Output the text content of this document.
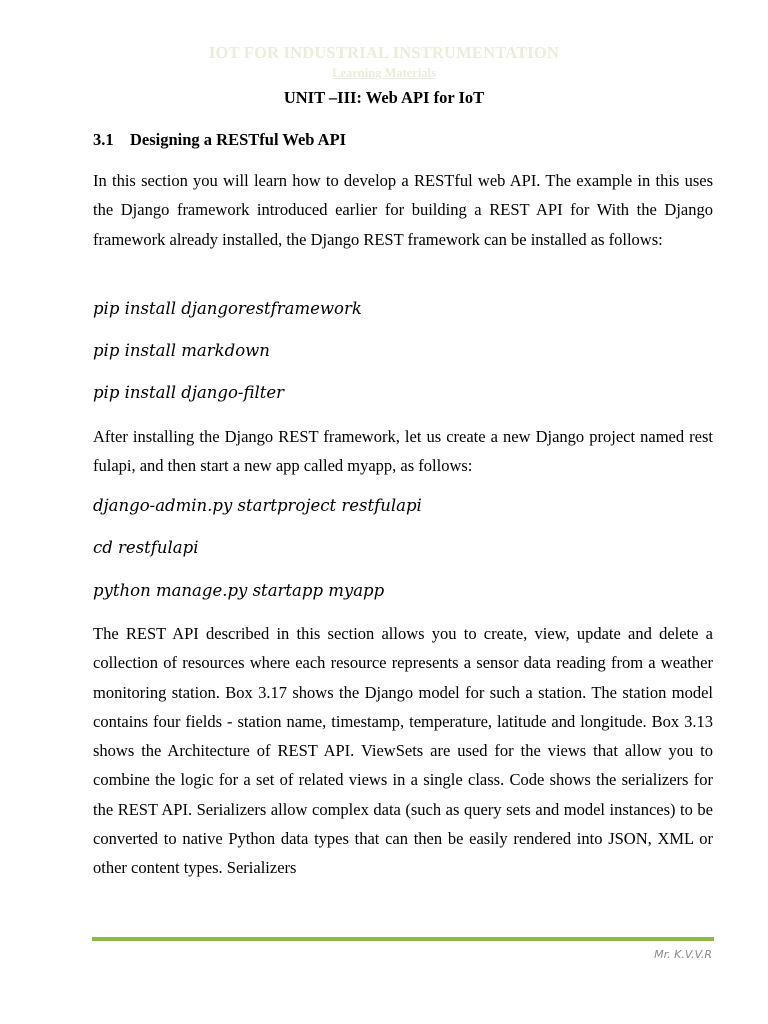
IOT FOR INDUSTRIAL INSTRUMENTATION
Learning Materials
UNIT –III: Web API for IoT
3.1 Designing a RESTful Web API

In this section you will learn how to develop a RESTful web API. The example in this uses the Django framework introduced earlier for building a REST API for With the Django framework already installed, the Django REST framework can be installed as follows:

pip install djangorestframework

pip install markdown

pip install django-filter

After installing the Django REST framework, let us create a new Django project named rest fulapi, and then start a new app called myapp, as follows:

django-admin.py startproject restfulapi

cd restfulapi

python manage.py startapp myapp

The REST API described in this section allows you to create, view, update and delete a collection of resources where each resource represents a sensor data reading from a weather monitoring station. Box 3.17 shows the Django model for such a station. The station model contains four fields - station name, timestamp, temperature, latitude and longitude. Box 3.13 shows the Architecture of REST API. ViewSets are used for the views that allow you to combine the logic for a set of related views in a single class. Code shows the serializers for the REST API. Serializers allow complex data (such as query sets and model instances) to be converted to native Python data types that can then be easily rendered into JSON, XML or other content types. Serializers

Mr. K.V.V.R
